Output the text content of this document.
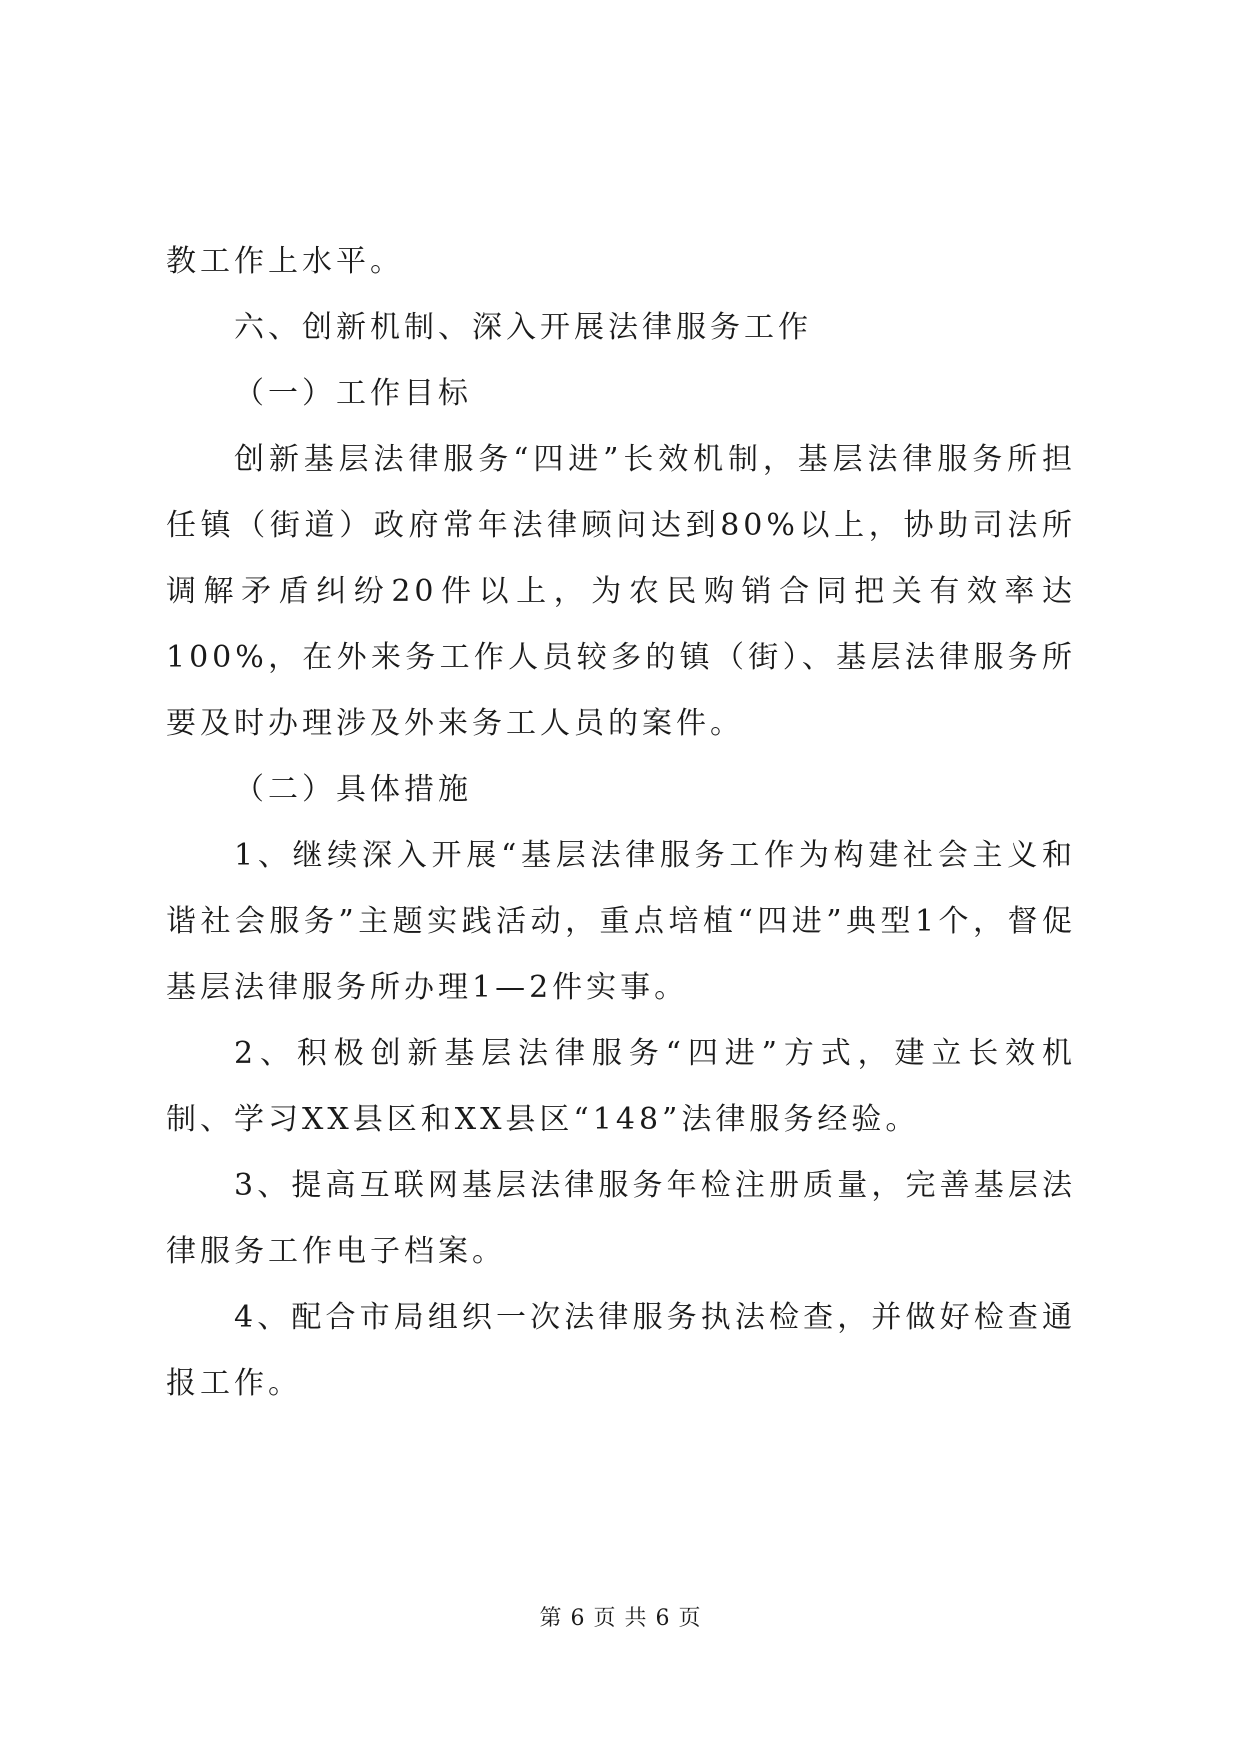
教工作上水平。

六、创新机制、深入开展法律服务工作

（一）工作目标

创新基层法律服务“四进”长效机制，基层法律服务所担任镇（街道）政府常年法律顾问达到80%以上，协助司法所调解矛盾纠纷20件以上，为农民购销合同把关有效率达100%，在外来务工作人员较多的镇（街）、基层法律服务所要及时办理涉及外来务工人员的案件。

（二）具体措施

1、继续深入开展“基层法律服务工作为构建社会主义和谐社会服务”主题实践活动，重点培植“四进”典型1个，督促基层法律服务所办理1—2件实事。

2、积极创新基层法律服务“四进”方式，建立长效机制、学习XX县区和XX县区“148”法律服务经验。

3、提高互联网基层法律服务年检注册质量，完善基层法律服务工作电子档案。

4、配合市局组织一次法律服务执法检查，并做好检查通报工作。

第 6 页 共 6 页
